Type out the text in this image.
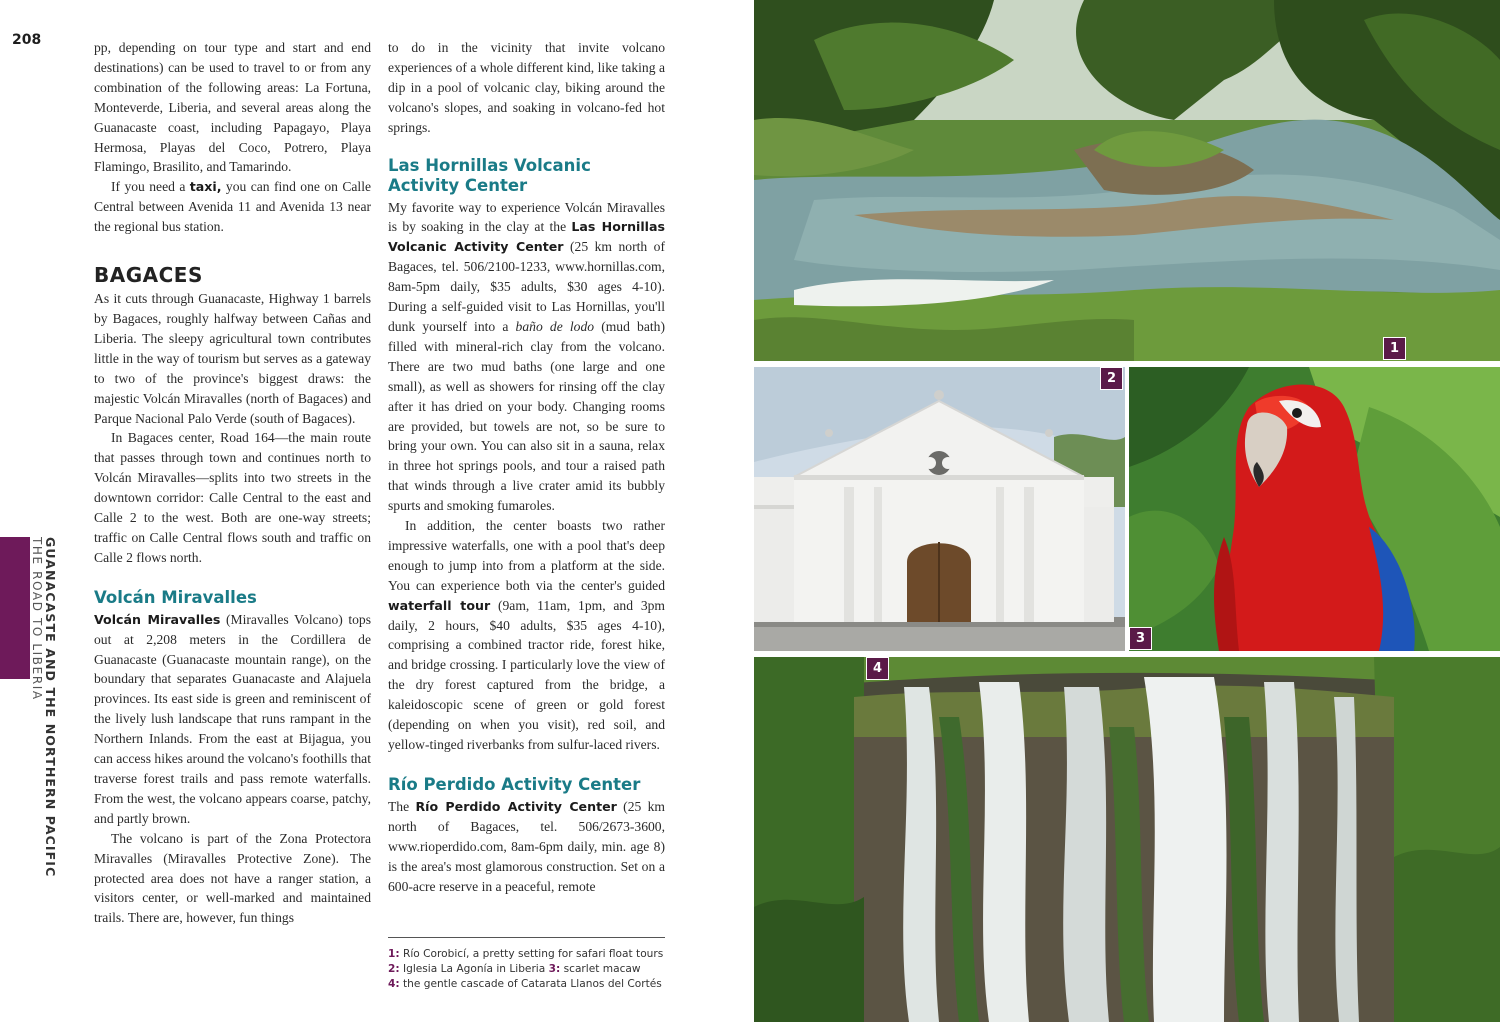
208
GUANACASTE AND THE NORTHERN PACIFIC
THE ROAD TO LIBERIA

pp, depending on tour type and start and end destinations) can be used to travel to or from any combination of the following areas: La Fortuna, Monteverde, Liberia, and several areas along the Guanacaste coast, including Papagayo, Playa Hermosa, Playas del Coco, Potrero, Playa Flamingo, Brasilito, and Tamarindo.

If you need a taxi, you can find one on Calle Central between Avenida 11 and Avenida 13 near the regional bus station.

BAGACES

As it cuts through Guanacaste, Highway 1 barrels by Bagaces, roughly halfway between Cañas and Liberia. The sleepy agricultural town contributes little in the way of tourism but serves as a gateway to two of the province's biggest draws: the majestic Volcán Miravalles (north of Bagaces) and Parque Nacional Palo Verde (south of Bagaces).

In Bagaces center, Road 164—the main route that passes through town and continues north to Volcán Miravalles—splits into two streets in the downtown corridor: Calle Central to the east and Calle 2 to the west. Both are one-way streets; traffic on Calle Central flows south and traffic on Calle 2 flows north.

Volcán Miravalles

Volcán Miravalles (Miravalles Volcano) tops out at 2,208 meters in the Cordillera de Guanacaste (Guanacaste mountain range), on the boundary that separates Guanacaste and Alajuela provinces. Its east side is green and reminiscent of the lively lush landscape that runs rampant in the Northern Inlands. From the east at Bijagua, you can access hikes around the volcano's foothills that traverse forest trails and pass remote waterfalls. From the west, the volcano appears coarse, patchy, and partly brown.

The volcano is part of the Zona Protectora Miravalles (Miravalles Protective Zone). The protected area does not have a ranger station, a visitors center, or well-marked and maintained trails. There are, however, fun things

to do in the vicinity that invite volcano experiences of a whole different kind, like taking a dip in a pool of volcanic clay, biking around the volcano's slopes, and soaking in volcano-fed hot springs.

Las Hornillas Volcanic Activity Center

My favorite way to experience Volcán Miravalles is by soaking in the clay at the Las Hornillas Volcanic Activity Center (25 km north of Bagaces, tel. 506/2100-1233, www.hornillas.com, 8am-5pm daily, $35 adults, $30 ages 4-10). During a self-guided visit to Las Hornillas, you'll dunk yourself into a baño de lodo (mud bath) filled with mineral-rich clay from the volcano. There are two mud baths (one large and one small), as well as showers for rinsing off the clay after it has dried on your body. Changing rooms are provided, but towels are not, so be sure to bring your own. You can also sit in a sauna, relax in three hot springs pools, and tour a raised path that winds through a live crater amid its bubbly spurts and smoking fumaroles.

In addition, the center boasts two rather impressive waterfalls, one with a pool that's deep enough to jump into from a platform at the side. You can experience both via the center's guided waterfall tour (9am, 11am, 1pm, and 3pm daily, 2 hours, $40 adults, $35 ages 4-10), comprising a combined tractor ride, forest hike, and bridge crossing. I particularly love the view of the dry forest captured from the bridge, a kaleidoscopic scene of green or gold forest (depending on when you visit), red soil, and yellow-tinged riverbanks from sulfur-laced rivers.

Río Perdido Activity Center

The Río Perdido Activity Center (25 km north of Bagaces, tel. 506/2673-3600, www.rioperdido.com, 8am-6pm daily, min. age 8) is the area's most glamorous construction. Set on a 600-acre reserve in a peaceful, remote

1: Río Corobicí, a pretty setting for safari float tours
2: Iglesia La Agonía in Liberia 3: scarlet macaw
4: the gentle cascade of Catarata Llanos del Cortés
1
2
3
4
